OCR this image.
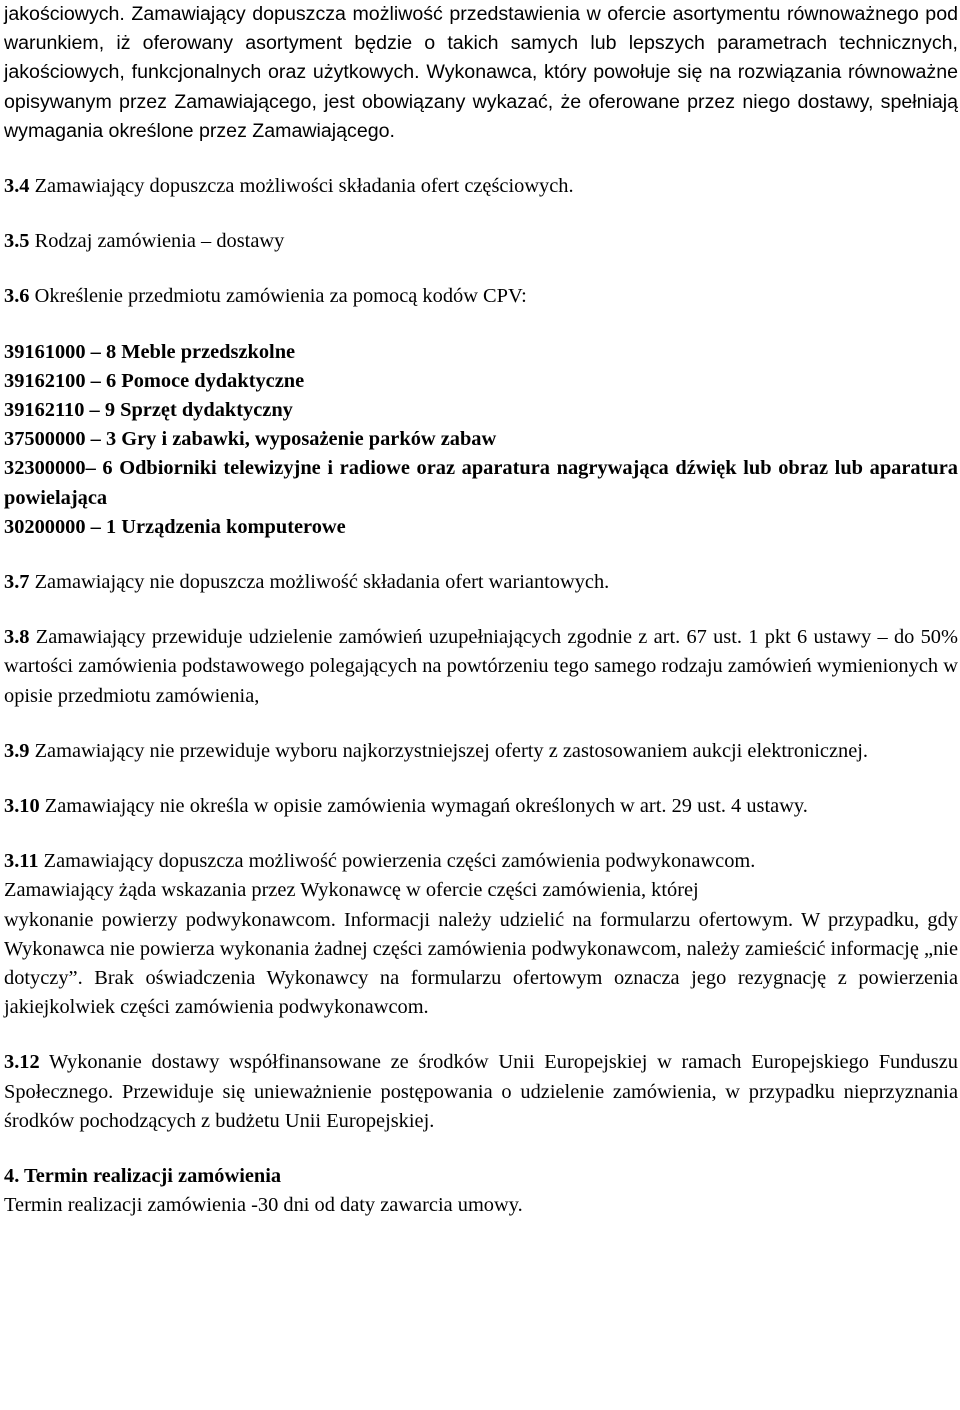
jakościowych. Zamawiający dopuszcza możliwość przedstawienia w ofercie asortymentu równoważnego pod warunkiem, iż oferowany asortyment będzie o takich samych lub lepszych parametrach technicznych, jakościowych, funkcjonalnych oraz użytkowych. Wykonawca, który powołuje się na rozwiązania równoważne opisywanym przez Zamawiającego, jest obowiązany wykazać, że oferowane przez niego dostawy, spełniają wymagania określone przez Zamawiającego.

3.4 Zamawiający dopuszcza możliwości składania ofert częściowych.

3.5 Rodzaj zamówienia – dostawy

3.6 Określenie przedmiotu zamówienia za pomocą kodów CPV:

39161000 – 8 Meble przedszkolne

39162100 – 6 Pomoce dydaktyczne

39162110 – 9 Sprzęt dydaktyczny

37500000 – 3 Gry i zabawki, wyposażenie parków zabaw

32300000– 6 Odbiorniki telewizyjne i radiowe oraz aparatura nagrywająca dźwięk lub obraz lub aparatura powielająca

30200000 – 1 Urządzenia komputerowe

3.7 Zamawiający nie dopuszcza możliwość składania ofert wariantowych.

3.8 Zamawiający przewiduje udzielenie zamówień uzupełniających zgodnie z art. 67 ust. 1 pkt 6 ustawy – do 50% wartości zamówienia podstawowego polegających na powtórzeniu tego samego rodzaju zamówień wymienionych w opisie przedmiotu zamówienia,

3.9 Zamawiający nie przewiduje wyboru najkorzystniejszej oferty z zastosowaniem aukcji elektronicznej.

3.10 Zamawiający nie określa w opisie zamówienia wymagań określonych w art. 29 ust. 4 ustawy.

3.11 Zamawiający dopuszcza możliwość powierzenia części zamówienia podwykonawcom.

Zamawiający żąda wskazania przez Wykonawcę w ofercie części zamówienia, której

wykonanie powierzy podwykonawcom. Informacji należy udzielić na formularzu ofertowym. W przypadku, gdy Wykonawca nie powierza wykonania żadnej części zamówienia podwykonawcom, należy zamieścić informację „nie dotyczy”. Brak oświadczenia Wykonawcy na formularzu ofertowym oznacza jego rezygnację z powierzenia jakiejkolwiek części zamówienia podwykonawcom.

3.12 Wykonanie dostawy współfinansowane ze środków Unii Europejskiej w ramach Europejskiego Funduszu Społecznego. Przewiduje się unieważnienie postępowania o udzielenie zamówienia, w przypadku nieprzyznania środków pochodzących z budżetu Unii Europejskiej.

4. Termin realizacji zamówienia

Termin realizacji zamówienia -30 dni od daty zawarcia umowy.
